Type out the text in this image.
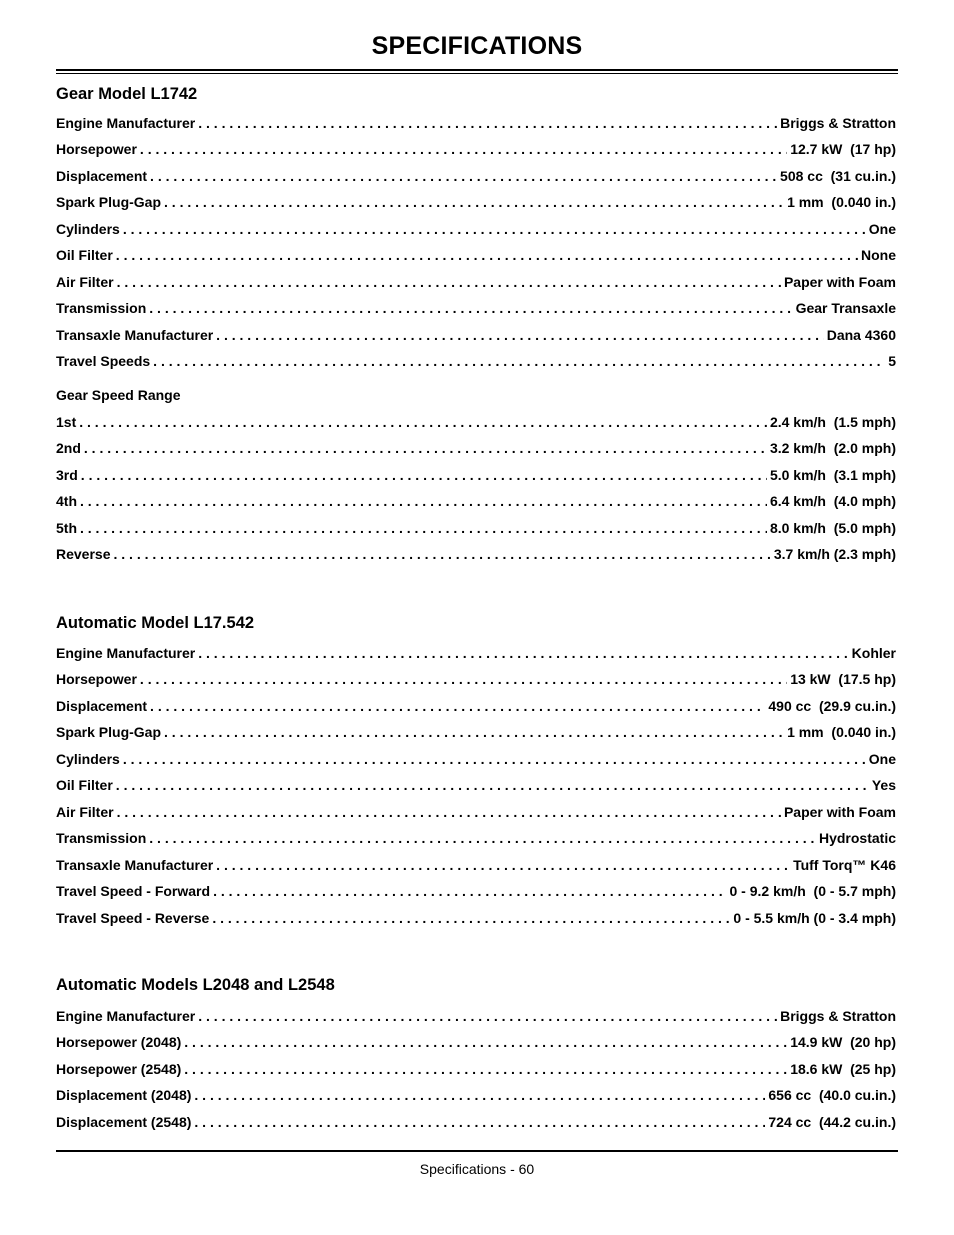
SPECIFICATIONS
Gear Model L1742
Engine Manufacturer . . .	Briggs & Stratton
Horsepower . . .	12.7 kW  (17 hp)
Displacement . . .	508 cc  (31 cu.in.)
Spark Plug-Gap . . .	1 mm  (0.040 in.)
Cylinders . . .	One
Oil Filter . . .	None
Air Filter . . .	Paper with Foam
Transmission . . .	Gear Transaxle
Transaxle Manufacturer . . .	Dana 4360
Travel Speeds . . .	5
Gear Speed Range
1st . . .	2.4 km/h  (1.5 mph)
2nd . . .	3.2 km/h  (2.0 mph)
3rd . . .	5.0 km/h  (3.1 mph)
4th . . .	6.4 km/h  (4.0 mph)
5th . . .	8.0 km/h  (5.0 mph)
Reverse . . .	3.7 km/h (2.3 mph)
Automatic Model L17.542
Engine Manufacturer . . .	Kohler
Horsepower . . .	13 kW  (17.5 hp)
Displacement . . .	490 cc  (29.9 cu.in.)
Spark Plug-Gap . . .	1 mm  (0.040 in.)
Cylinders . . .	One
Oil Filter . . .	Yes
Air Filter . . .	Paper with Foam
Transmission . . .	Hydrostatic
Transaxle Manufacturer . . .	Tuff Torq™ K46
Travel Speed - Forward . . .	0 - 9.2 km/h  (0 - 5.7 mph)
Travel Speed - Reverse . . .	0 - 5.5 km/h (0 - 3.4 mph)
Automatic Models L2048 and L2548
Engine Manufacturer . . .	Briggs & Stratton
Horsepower (2048) . . .	14.9 kW  (20 hp)
Horsepower (2548) . . .	18.6 kW  (25 hp)
Displacement (2048) . . .	656 cc  (40.0 cu.in.)
Displacement (2548) . . .	724 cc  (44.2 cu.in.)
Specifications - 60
